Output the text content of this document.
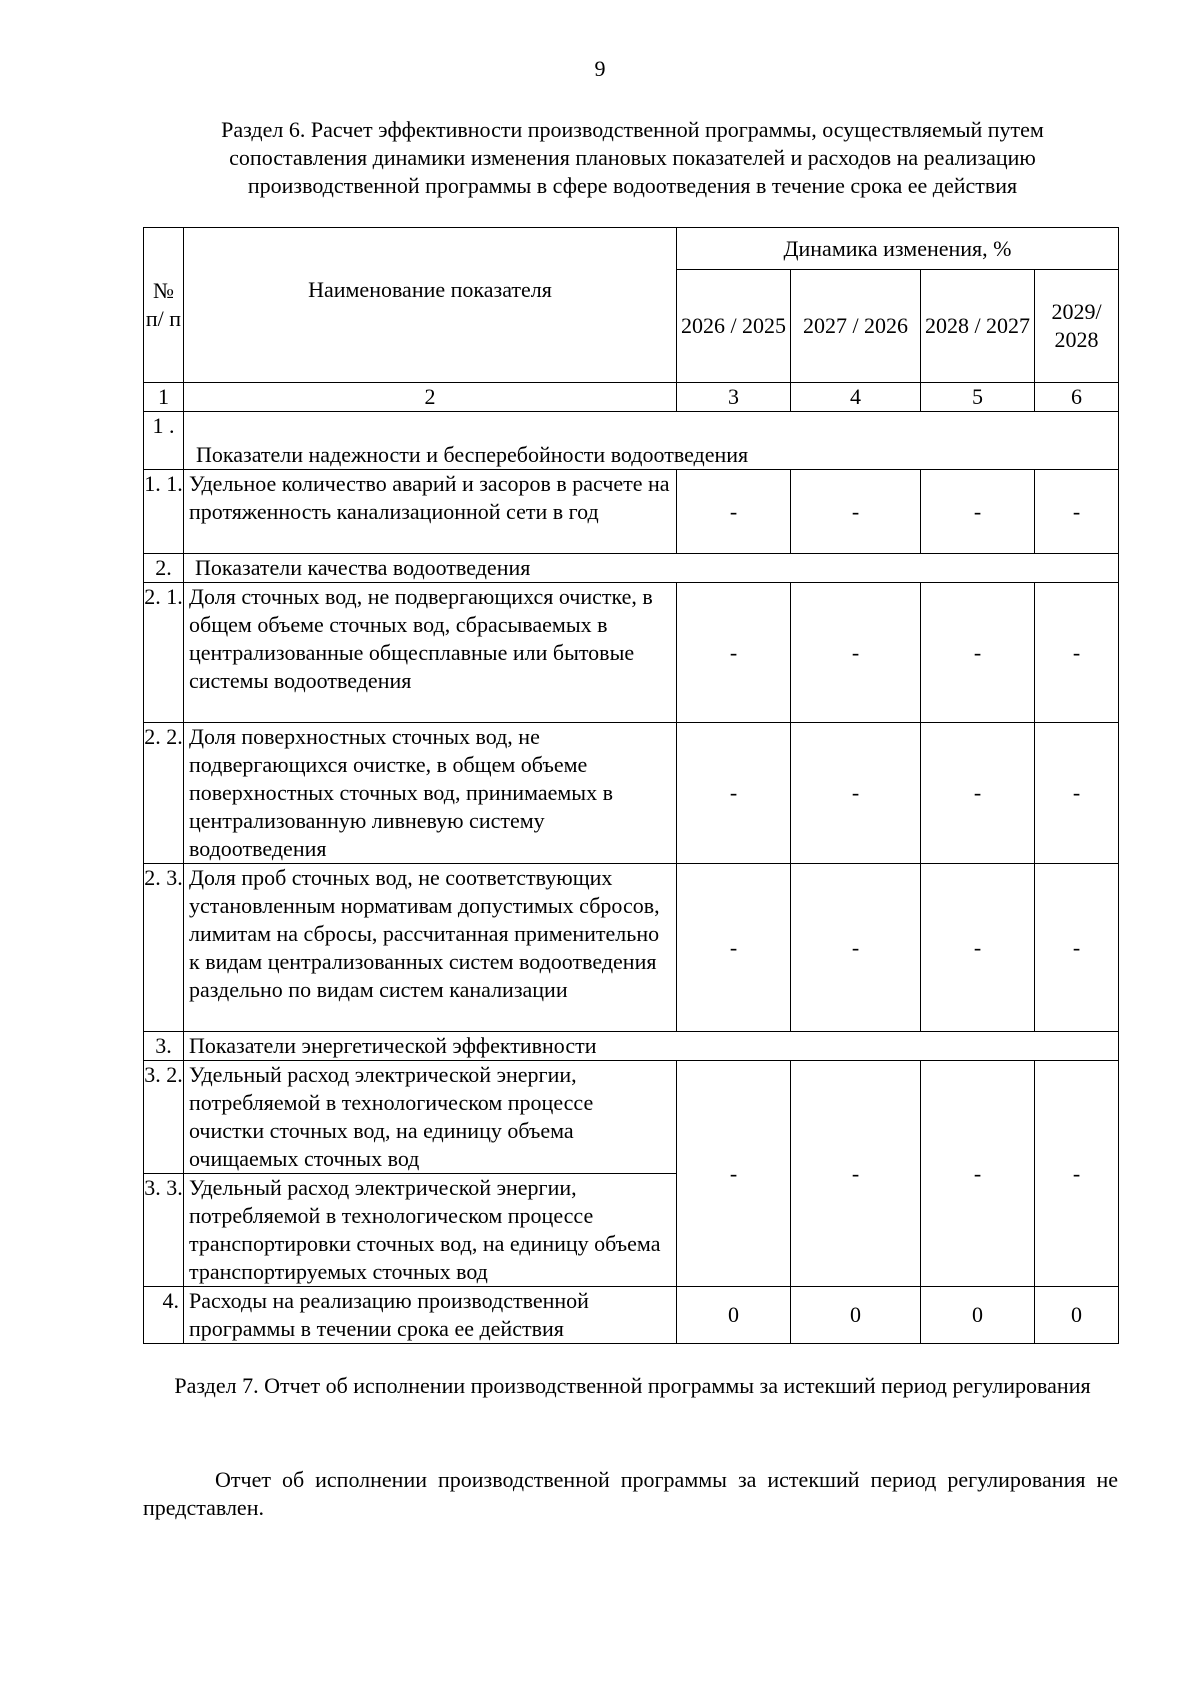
9
Раздел 6. Расчет эффективности производственной программы, осуществляемый путем сопоставления динамики изменения плановых показателей и расходов на реализацию производственной программы в сфере водоотведения в течение срока ее действия
№ п/ п	Наименование показателя	Динамика изменения, %			
		2026 / 2025	2027 / 2026	2028 / 2027	2029/ 2028
1	2	3	4	5	6
1 .	Показатели надежности и бесперебойности водоотведения				
1. 1.	Удельное количество аварий и засоров в расчете на протяженность канализационной сети в год	-	-	-	-
2.	Показатели качества водоотведения				
2. 1.	Доля сточных вод, не подвергающихся очистке, в общем объеме сточных вод, сбрасываемых в централизованные общесплавные или бытовые системы водоотведения	-	-	-	-
2. 2.	Доля поверхностных сточных вод, не подвергающихся очистке, в общем объеме поверхностных сточных вод, принимаемых в централизованную ливневую систему водоотведения	-	-	-	-
2. 3.	Доля проб сточных вод, не соответствующих установленным нормативам допустимых сбросов, лимитам на сбросы, рассчитанная применительно к видам централизованных систем водоотведения раздельно по видам систем канализации	-	-	-	-
3.	Показатели энергетической эффективности				
3. 2.	Удельный расход электрической энергии, потребляемой в технологическом процессе очистки сточных вод, на единицу объема очищаемых сточных вод	-	-	-	-
3. 3.	Удельный расход электрической энергии, потребляемой в технологическом процессе транспортировки сточных вод, на единицу объема транспортируемых сточных вод				
4.	Расходы на реализацию производственной программы в течении срока ее действия	0	0	0	0
Раздел 7. Отчет об исполнении производственной программы за истекший период регулирования
Отчет об исполнении производственной программы за истекший период регулирования не представлен.
